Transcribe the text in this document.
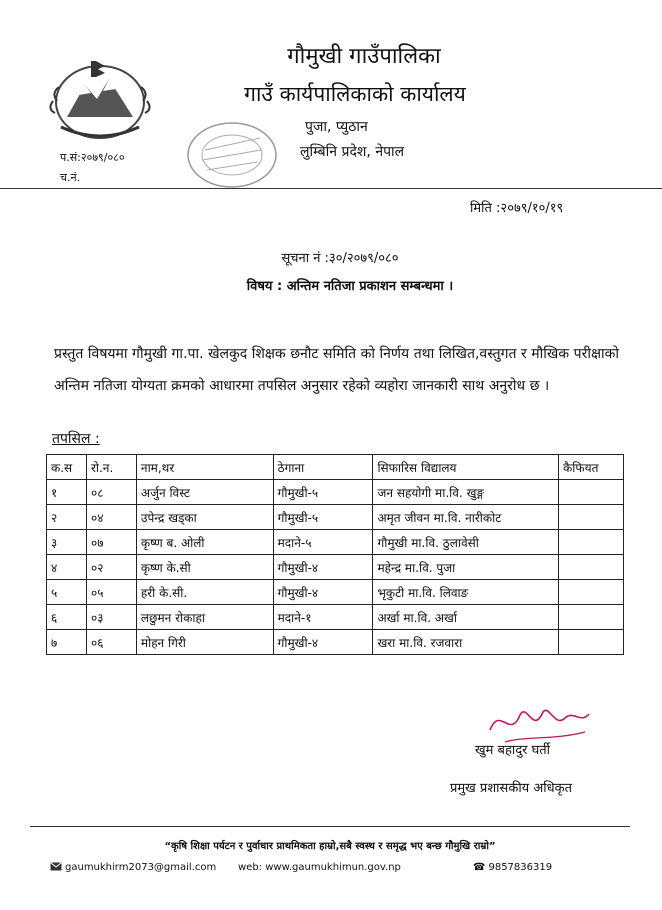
गौमुखी गाउँपालिका
गाउँ कार्यपालिकाको कार्यालय
पुजा, प्युठान
लुम्बिनि प्रदेश, नेपाल
प.सं:२०७९/०८०
च.नं.
मिति :२०७९/१०/१९
सूचना नं :३०/२०७९/०८०
विषय : अन्तिम नतिजा प्रकाशन सम्बन्धमा ।
प्रस्तुत विषयमा गौमुखी गा.पा. खेलकुद शिक्षक छनौट समिति को निर्णय तथा लिखित,वस्तुगत र मौखिक परीक्षाको अन्तिम नतिजा योग्यता क्रमको आधारमा तपसिल अनुसार रहेको व्यहोरा जानकारी साथ अनुरोध छ ।
तपसिल :
क.स	रो.न.	नाम,थर	ठेगाना	सिफारिस विद्यालय	कैफियत
१	०८	अर्जुन विस्ट	गौमुखी-५	जन सहयोगी मा.वि. खुङ्ग	
२	०४	उपेन्द्र खड्का	गौमुखी-५	अमृत जीवन मा.वि. नारीकोट	
३	०७	कृष्ण ब. ओली	मदाने-५	गौमुखी मा.वि. ठुलावेसी	
४	०२	कृष्ण के.सी	गौमुखी-४	महेन्द्र मा.वि. पुजा	
५	०५	हरी के.सी.	गौमुखी-४	भृकुटी मा.वि. लिवाङ	
६	०३	लछुमन रोकाहा	मदाने-१	अर्खा मा.वि. अर्खा	
७	०६	मोहन गिरी	गौमुखी-४	खरा मा.वि. रजवारा	
खुम बहादुर घर्ती
प्रमुख प्रशासकीय अधिकृत
“कृषि शिक्षा पर्यटन र पुर्वाधार प्राथमिकता हाम्रो,सबै स्वस्थ र समृद्ध भए बन्छ गौमुखि राम्रो”
gaumukhirm2073@gmail.com web: www.gaumukhimun.gov.np	☎ 9857836319
